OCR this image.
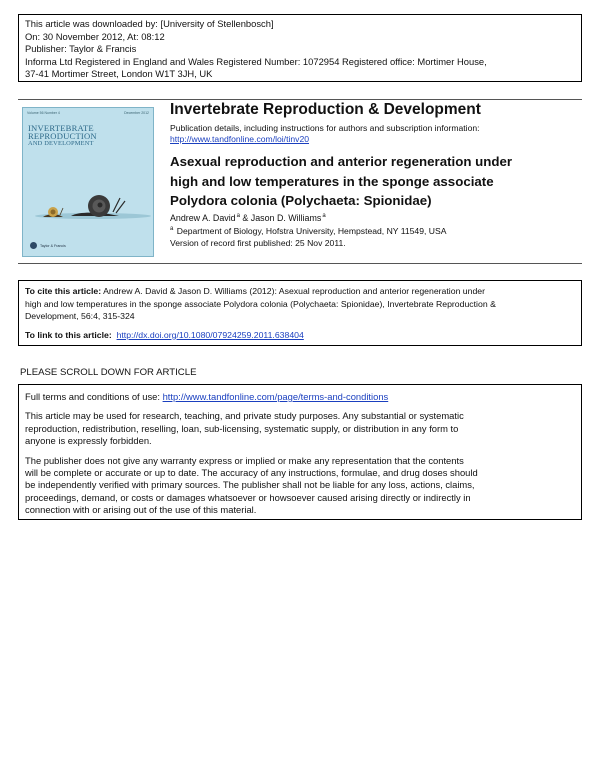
This article was downloaded by: [University of Stellenbosch]
On: 30 November 2012, At: 08:12
Publisher: Taylor & Francis
Informa Ltd Registered in England and Wales Registered Number: 1072954 Registered office: Mortimer House,
37-41 Mortimer Street, London W1T 3JH, UK
Volume 56 Number 4	December 2012
INVERTEBRATE
REPRODUCTION
AND DEVELOPMENT
Taylor & Francis
Invertebrate Reproduction & Development
Publication details, including instructions for authors and subscription information:
http://www.tandfonline.com/loi/tinv20
Asexual reproduction and anterior regeneration under
high and low temperatures in the sponge associate
Polydora colonia (Polychaeta: Spionidae)
Andrew A. David$^a$ & Jason D. Williams$^a$
$^a$ Department of Biology, Hofstra University, Hempstead, NY 11549, USA
Version of record first published: 25 Nov 2011.
To cite this article: Andrew A. David & Jason D. Williams (2012): Asexual reproduction and anterior regeneration under
high and low temperatures in the sponge associate Polydora colonia (Polychaeta: Spionidae), Invertebrate Reproduction &
Development, 56:4, 315-324
To link to this article: http://dx.doi.org/10.1080/07924259.2011.638404
PLEASE SCROLL DOWN FOR ARTICLE
Full terms and conditions of use: http://www.tandfonline.com/page/terms-and-conditions
This article may be used for research, teaching, and private study purposes. Any substantial or systematic
reproduction, redistribution, reselling, loan, sub-licensing, systematic supply, or distribution in any form to
anyone is expressly forbidden.
The publisher does not give any warranty express or implied or make any representation that the contents
will be complete or accurate or up to date. The accuracy of any instructions, formulae, and drug doses should
be independently verified with primary sources. The publisher shall not be liable for any loss, actions, claims,
proceedings, demand, or costs or damages whatsoever or howsoever caused arising directly or indirectly in
connection with or arising out of the use of this material.
